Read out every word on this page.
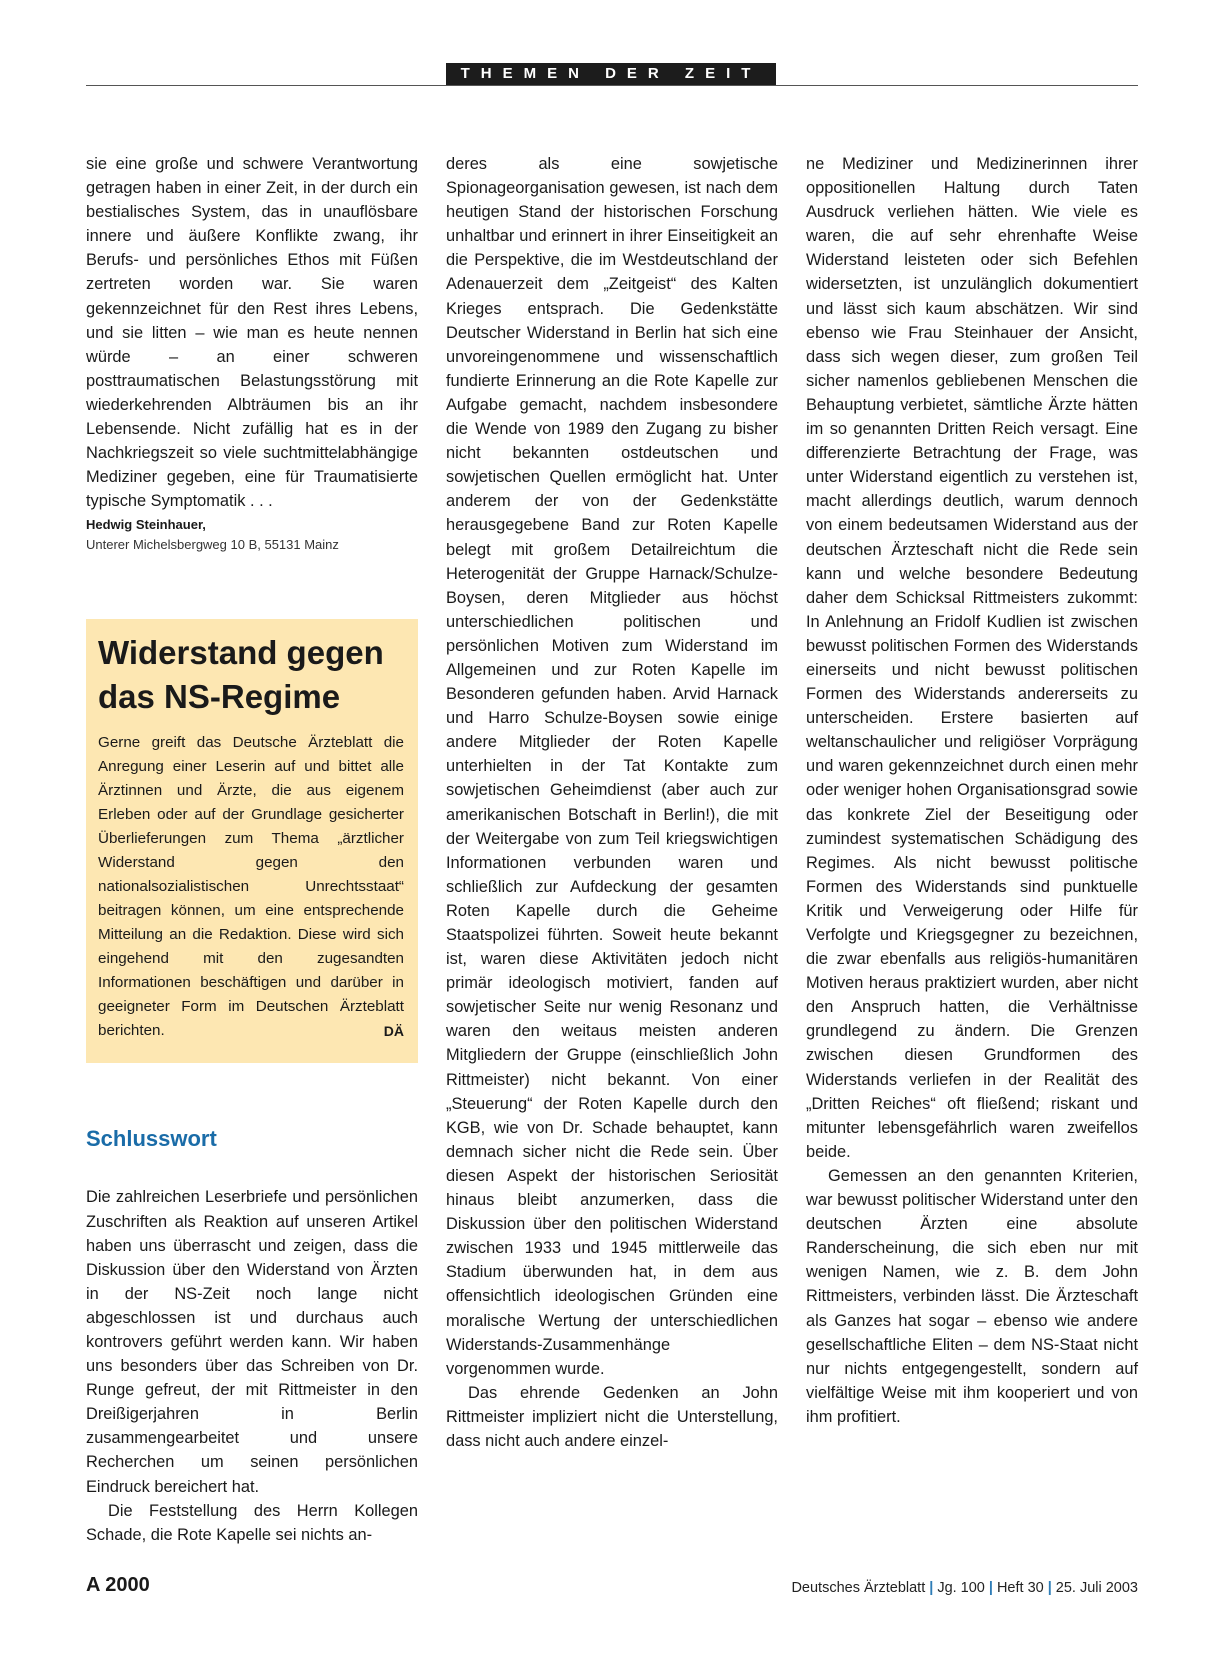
THEMEN DER ZEIT

sie eine große und schwere Verantwortung getragen haben in einer Zeit, in der durch ein bestialisches System, das in unauflösbare innere und äußere Konflikte zwang, ihr Berufs- und persönliches Ethos mit Füßen zertreten worden war. Sie waren gekennzeichnet für den Rest ihres Lebens, und sie litten – wie man es heute nennen würde – an einer schweren posttraumatischen Belastungsstörung mit wiederkehrenden Albträumen bis an ihr Lebensende. Nicht zufällig hat es in der Nachkriegszeit so viele suchtmittelabhängige Mediziner gegeben, eine für Traumatisierte typische Symptomatik . . .

Hedwig Steinhauer,
Unterer Michelsbergweg 10 B, 55131 Mainz
Widerstand gegen das NS-Regime
Gerne greift das Deutsche Ärzteblatt die Anregung einer Leserin auf und bittet alle Ärztinnen und Ärzte, die aus eigenem Erleben oder auf der Grundlage gesicherter Überlieferungen zum Thema „ärztlicher Widerstand gegen den nationalsozialistischen Unrechtsstaat“ beitragen können, um eine entsprechende Mitteilung an die Redaktion. Diese wird sich eingehend mit den zugesandten Informationen beschäftigen und darüber in geeigneter Form im Deutschen Ärzteblatt berichten.	DÄ
Schlusswort

Die zahlreichen Leserbriefe und persönlichen Zuschriften als Reaktion auf unseren Artikel haben uns überrascht und zeigen, dass die Diskussion über den Widerstand von Ärzten in der NS-Zeit noch lange nicht abgeschlossen ist und durchaus auch kontrovers geführt werden kann. Wir haben uns besonders über das Schreiben von Dr. Runge gefreut, der mit Rittmeister in den Dreißigerjahren in Berlin zusammengearbeitet und unsere Recherchen um seinen persönlichen Eindruck bereichert hat.

Die Feststellung des Herrn Kollegen Schade, die Rote Kapelle sei nichts an-

deres als eine sowjetische Spionageorganisation gewesen, ist nach dem heutigen Stand der historischen Forschung unhaltbar und erinnert in ihrer Einseitigkeit an die Perspektive, die im Westdeutschland der Adenauerzeit dem „Zeitgeist“ des Kalten Krieges entsprach. Die Gedenkstätte Deutscher Widerstand in Berlin hat sich eine unvoreingenommene und wissenschaftlich fundierte Erinnerung an die Rote Kapelle zur Aufgabe gemacht, nachdem insbesondere die Wende von 1989 den Zugang zu bisher nicht bekannten ostdeutschen und sowjetischen Quellen ermöglicht hat. Unter anderem der von der Gedenkstätte herausgegebene Band zur Roten Kapelle belegt mit großem Detailreichtum die Heterogenität der Gruppe Harnack/Schulze-Boysen, deren Mitglieder aus höchst unterschiedlichen politischen und persönlichen Motiven zum Widerstand im Allgemeinen und zur Roten Kapelle im Besonderen gefunden haben. Arvid Harnack und Harro Schulze-Boysen sowie einige andere Mitglieder der Roten Kapelle unterhielten in der Tat Kontakte zum sowjetischen Geheimdienst (aber auch zur amerikanischen Botschaft in Berlin!), die mit der Weitergabe von zum Teil kriegswichtigen Informationen verbunden waren und schließlich zur Aufdeckung der gesamten Roten Kapelle durch die Geheime Staatspolizei führten. Soweit heute bekannt ist, waren diese Aktivitäten jedoch nicht primär ideologisch motiviert, fanden auf sowjetischer Seite nur wenig Resonanz und waren den weitaus meisten anderen Mitgliedern der Gruppe (einschließlich John Rittmeister) nicht bekannt. Von einer „Steuerung“ der Roten Kapelle durch den KGB, wie von Dr. Schade behauptet, kann demnach sicher nicht die Rede sein. Über diesen Aspekt der historischen Seriosität hinaus bleibt anzumerken, dass die Diskussion über den politischen Widerstand zwischen 1933 und 1945 mittlerweile das Stadium überwunden hat, in dem aus offensichtlich ideologischen Gründen eine moralische Wertung der unterschiedlichen Widerstands-Zusammenhänge vorgenommen wurde.

Das ehrende Gedenken an John Rittmeister impliziert nicht die Unterstellung, dass nicht auch andere einzel-

ne Mediziner und Medizinerinnen ihrer oppositionellen Haltung durch Taten Ausdruck verliehen hätten. Wie viele es waren, die auf sehr ehrenhafte Weise Widerstand leisteten oder sich Befehlen widersetzten, ist unzulänglich dokumentiert und lässt sich kaum abschätzen. Wir sind ebenso wie Frau Steinhauer der Ansicht, dass sich wegen dieser, zum großen Teil sicher namenlos gebliebenen Menschen die Behauptung verbietet, sämtliche Ärzte hätten im so genannten Dritten Reich versagt. Eine differenzierte Betrachtung der Frage, was unter Widerstand eigentlich zu verstehen ist, macht allerdings deutlich, warum dennoch von einem bedeutsamen Widerstand aus der deutschen Ärzteschaft nicht die Rede sein kann und welche besondere Bedeutung daher dem Schicksal Rittmeisters zukommt: In Anlehnung an Fridolf Kudlien ist zwischen bewusst politischen Formen des Widerstands einerseits und nicht bewusst politischen Formen des Widerstands andererseits zu unterscheiden. Erstere basierten auf weltanschaulicher und religiöser Vorprägung und waren gekennzeichnet durch einen mehr oder weniger hohen Organisationsgrad sowie das konkrete Ziel der Beseitigung oder zumindest systematischen Schädigung des Regimes. Als nicht bewusst politische Formen des Widerstands sind punktuelle Kritik und Verweigerung oder Hilfe für Verfolgte und Kriegsgegner zu bezeichnen, die zwar ebenfalls aus religiös-humanitären Motiven heraus praktiziert wurden, aber nicht den Anspruch hatten, die Verhältnisse grundlegend zu ändern. Die Grenzen zwischen diesen Grundformen des Widerstands verliefen in der Realität des „Dritten Reiches“ oft fließend; riskant und mitunter lebensgefährlich waren zweifellos beide.

Gemessen an den genannten Kriterien, war bewusst politischer Widerstand unter den deutschen Ärzten eine absolute Randerscheinung, die sich eben nur mit wenigen Namen, wie z. B. dem John Rittmeisters, verbinden lässt. Die Ärzteschaft als Ganzes hat sogar – ebenso wie andere gesellschaftliche Eliten – dem NS-Staat nicht nur nichts entgegengestellt, sondern auf vielfältige Weise mit ihm kooperiert und von ihm profitiert.

A 2000	Deutsches Ärzteblatt | Jg. 100 | Heft 30 | 25. Juli 2003
